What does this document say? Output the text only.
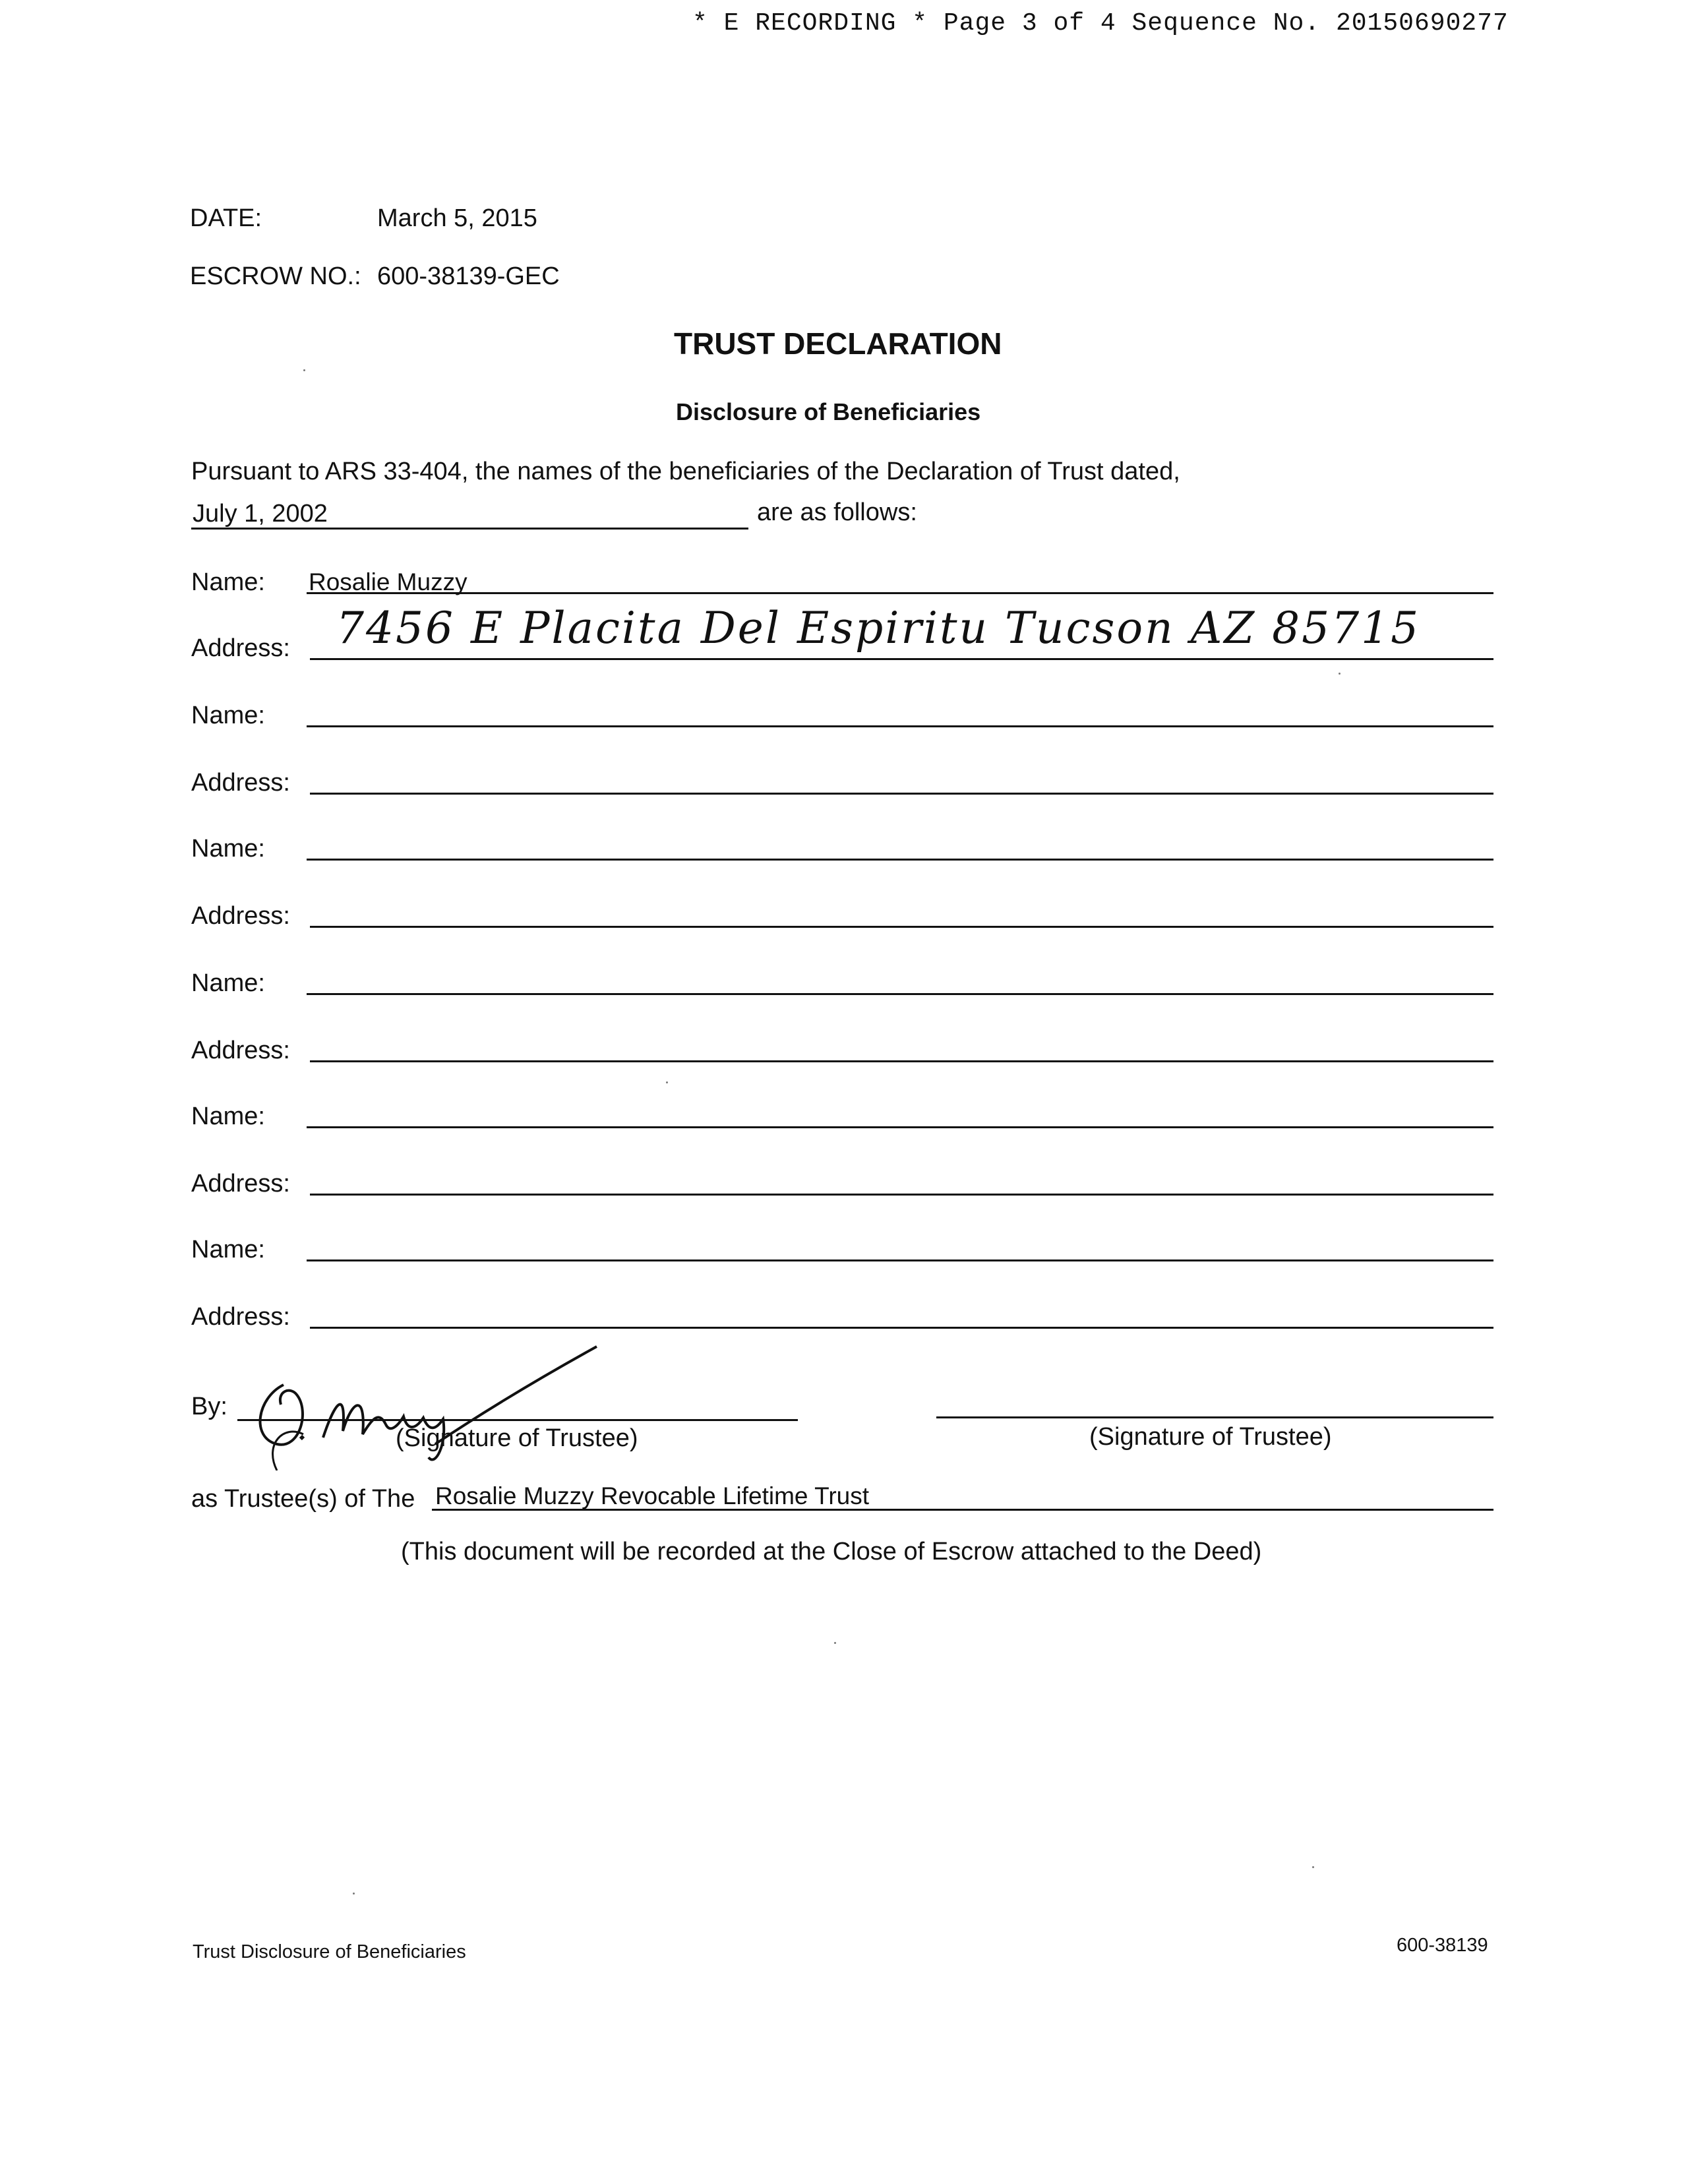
* E RECORDING * Page 3 of 4 Sequence No. 20150690277
DATE:	March 5, 2015
ESCROW NO.: 600-38139-GEC
TRUST DECLARATION
Disclosure of Beneficiaries
Pursuant to ARS 33-404, the names of the beneficiaries of the Declaration of Trust dated,
July 1, 2002	are as follows:
Name: Rosalie Muzzy
Address: 7456 E Placita Del Espiritu Tucson AZ 85715
Name:
Address:
Name:
Address:
Name:
Address:
Name:
Address:
Name:
Address:
By:
(Signature of Trustee)	(Signature of Trustee)
as Trustee(s) of The Rosalie Muzzy Revocable Lifetime Trust
(This document will be recorded at the Close of Escrow attached to the Deed)
Trust Disclosure of Beneficiaries	600-38139
